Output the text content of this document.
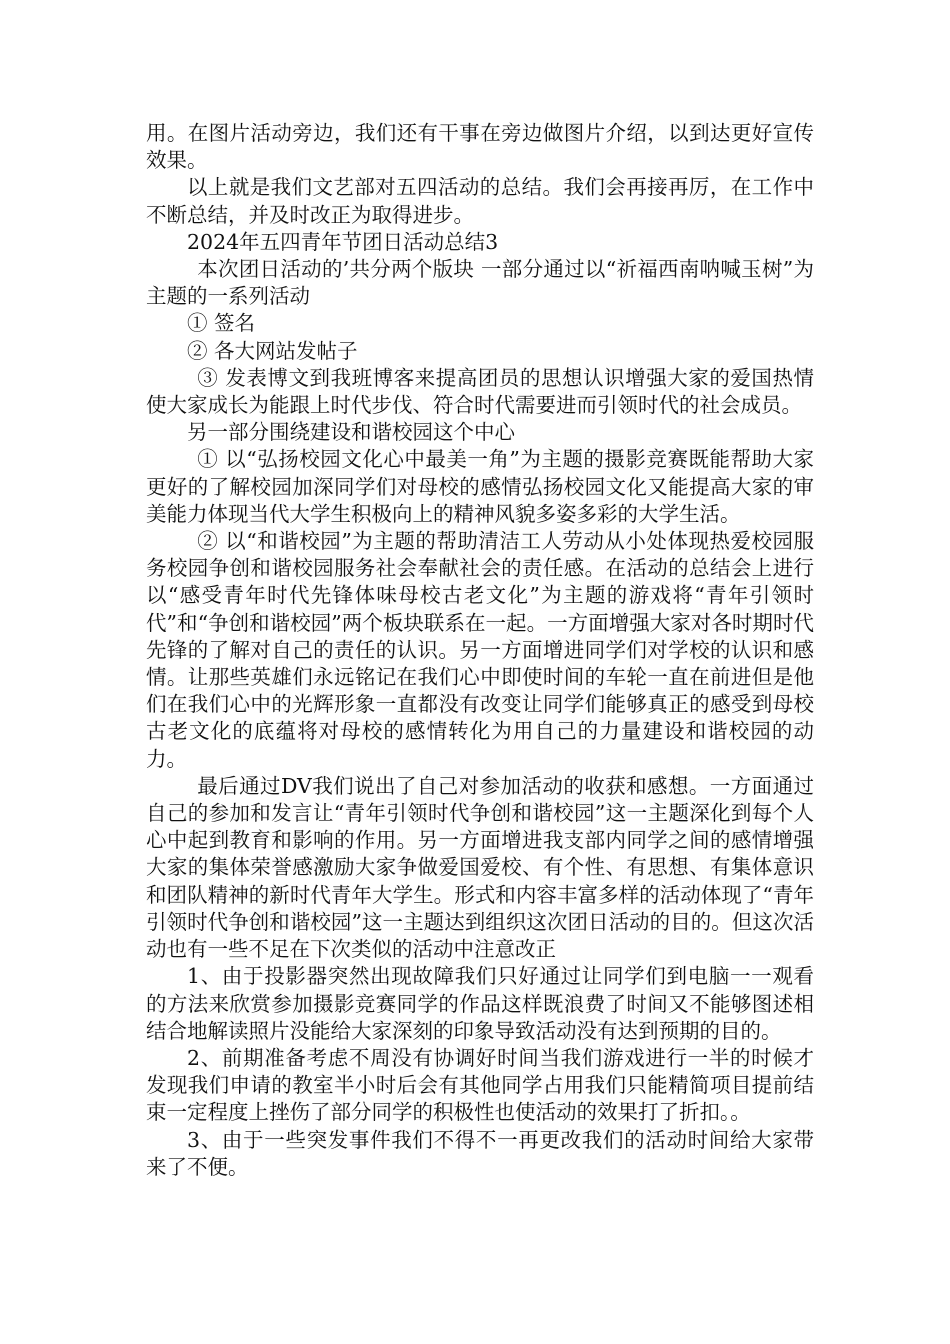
用。在图片活动旁边，我们还有干事在旁边做图片介绍，以到达更好宣传效果。

以上就是我们文艺部对五四活动的总结。我们会再接再厉，在工作中不断总结，并及时改正为取得进步。

2024年五四青年节团日活动总结3

本次团日活动的’共分两个版块 一部分通过以“祈福西南呐喊玉树”为主题的一系列活动

① 签名

② 各大网站发帖子

③ 发表博文到我班博客来提高团员的思想认识增强大家的爱国热情使大家成长为能跟上时代步伐、符合时代需要进而引领时代的社会成员。

另一部分围绕建设和谐校园这个中心

① 以“弘扬校园文化心中最美一角”为主题的摄影竞赛既能帮助大家更好的了解校园加深同学们对母校的感情弘扬校园文化又能提高大家的审美能力体现当代大学生积极向上的精神风貌多姿多彩的大学生活。

② 以“和谐校园”为主题的帮助清洁工人劳动从小处体现热爱校园服务校园争创和谐校园服务社会奉献社会的责任感。在活动的总结会上进行以“感受青年时代先锋体味母校古老文化”为主题的游戏将“青年引领时代”和“争创和谐校园”两个板块联系在一起。一方面增强大家对各时期时代先锋的了解对自己的责任的认识。另一方面增进同学们对学校的认识和感情。让那些英雄们永远铭记在我们心中即使时间的车轮一直在前进但是他们在我们心中的光辉形象一直都没有改变让同学们能够真正的感受到母校古老文化的底蕴将对母校的感情转化为用自己的力量建设和谐校园的动力。

最后通过DV我们说出了自己对参加活动的收获和感想。一方面通过自己的参加和发言让“青年引领时代争创和谐校园”这一主题深化到每个人心中起到教育和影响的作用。另一方面增进我支部内同学之间的感情增强大家的集体荣誉感激励大家争做爱国爱校、有个性、有思想、有集体意识和团队精神的新时代青年大学生。形式和内容丰富多样的活动体现了“青年引领时代争创和谐校园”这一主题达到组织这次团日活动的目的。但这次活动也有一些不足在下次类似的活动中注意改正

1、由于投影器突然出现故障我们只好通过让同学们到电脑一一观看的方法来欣赏参加摄影竞赛同学的作品这样既浪费了时间又不能够图述相结合地解读照片没能给大家深刻的印象导致活动没有达到预期的目的。

2、前期准备考虑不周没有协调好时间当我们游戏进行一半的时候才发现我们申请的教室半小时后会有其他同学占用我们只能精简项目提前结束一定程度上挫伤了部分同学的积极性也使活动的效果打了折扣。。

3、由于一些突发事件我们不得不一再更改我们的活动时间给大家带来了不便。
